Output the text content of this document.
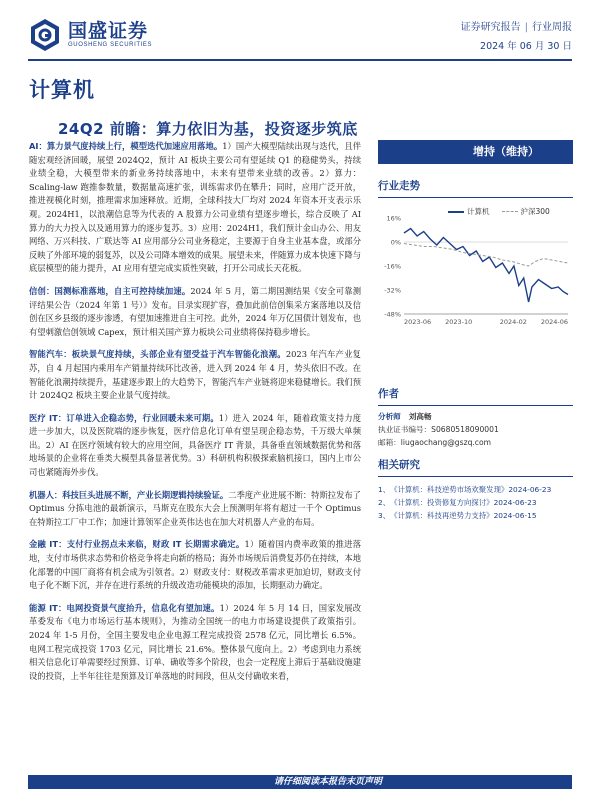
国盛证券
GUOSHENG SECURITIES
证券研究报告 | 行业周报
2024 年 06 月 30 日
计算机
24Q2 前瞻：算力依旧为基，投资逐步筑底
AI：算力景气度持续上行，模型迭代加速应用落地。1）国产大模型陆续出现与迭代，且伴随宏观经济回暖，展望 2024Q2，预计 AI 板块主要公司有望延续 Q1 的稳健势头，持续业绩全稳，大模型带来的新业务持续落地中，未来有望带来业绩的改善。2）算力：Scaling-law 跑推参数量，数据量高速扩张，训练需求仍在攀升；同时，应用广泛开放，推进视模化时刻，推理需求加速释放。近期，全球科技大厂均对 2024 年资本开支表示乐观。2024H1，以浪潮信息等为代表的 A 股算力公司业绩有望逐步增长，综合反映了 AI 算力的大力投入以及通用算力的逐步复苏。3）应用：2024H1，我们预计金山办公、用友网络、万兴科技、广联达等 AI 应用部分公司业务稳定，主要源于自身主业基本盘，或部分反映了外部环境的弱复苏，以及公司降本增效的成果。展望未来，伴随算力成本快速下降与底层模型的能力提升，AI 应用有望完成实质性突破，打开公司成长天花板。
信创：国测标准落地，自主可控持续加速。2024 年 5 月，第二期国测结果《安全可靠测评结果公告（2024 年第 1 号）》发布。目录实现扩容，叠加此前信创集采方案落地以及信创在区乡县级的逐步渗透，有望加速推进自主可控。此外，2024 年万亿国债计划发布，也有望刺激信创领域 Capex，预计相关国产算力板块公司业绩将保持稳步增长。
智能汽车：板块景气度持续，头部企业有望受益于汽车智能化浪潮。2023 年汽车产业复苏，自 4 月起国内乘用车产销量持续环比改善，进入到 2024 年 4 月，势头依旧不改。在智能化浪潮持续提升，基建逐步跟上的大趋势下，智能汽车产业链将迎来稳健增长。我们预计 2024Q2 板块主要企业景气度持续。
医疗 IT：订单进入企稳态势，行业回暖未来可期。1）进入 2024 年，随着政策支持力度进一步加大，以及医院端的逐步恢复，医疗信息化订单有望呈现企稳态势，千万级大单频出。2）AI 在医疗领域有较大的应用空间，具备医疗 IT 背景，具备垂直领域数据优势和落地场景的企业将在垂类大模型具备显著优势。3）科研机构积极探索脑机接口，国内上市公司也紧随海外步伐。
机器人：科技巨头进展不断，产业长期逻辑持续验证。二季度产业进展不断：特斯拉发布了 Optimus 分拣电池的最新演示，马斯克在股东大会上预测明年将有超过一千个 Optimus 在特斯拉工厂中工作；加速计算领军企业英伟达也在加大对机器人产业的布局。
金融 IT：支付行业拐点未来临，财政 IT 长期需求确定。1）随着国内费率政策的推进落地，支付市场供求态势和价格竞争将走向新的格局；海外市场规后消费复苏仍在持续，本地化部署的中国厂商将有机会成为引领者。2）财政支付：财税改革需求更加迫切，财政支付电子化不断下沉，并存在进行系统的升级改造功能模块的添加，长期驱动力确定。
能源 IT：电网投资景气度抬升，信息化有望加速。1）2024 年 5 月 14 日，国家发展改革委发布《电力市场运行基本规则》，为推动全国统一的电力市场建设提供了政策指引。2024 年 1-5 月份，全国主要发电企业电源工程完成投资 2578 亿元，同比增长 6.5%。电网工程完成投资 1703 亿元，同比增长 21.6%。整体景气度向上。2）考虑到电力系统相关信息化订单需要经过预算、订单、确收等多个阶段，也会一定程度上滞后于基础设施建设的投资，上半年往往是预算及订单落地的时间段，但从交付确收来看，
增持（维持）
行业走势
16%
0%
-16%
-32%
-48%
2023-06 2023-10	2024-02 2024-06
计算机	沪深300
作者
分析师 刘高畅
执业证书编号：S0680518090001
邮箱：liugaochang@gszq.com
相关研究
1、 《计算机：科技逆势市场欢聚发现》 2024-06-23
2、 《计算机：投资修复方向探讨》 2024-06-23
3、 《计算机：科技再逆势力支持》 2024-06-15
请仔细阅读本报告末页声明
